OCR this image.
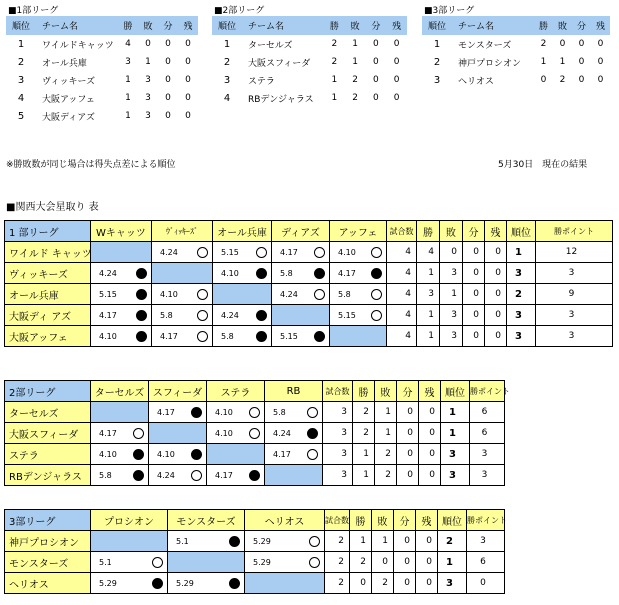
■1部リーグ
順位	チーム名	勝	敗	分	残
1	ワイルドキャッツ	4	0	0	0
2	オール兵庫	3	1	0	0
3	ヴィッキーズ	1	3	0	0
4	大阪アッフェ	1	3	0	0
5	大阪ディアズ	1	3	0	0
■2部リーグ
順位	チーム名	勝	敗	分	残
1	ターセルズ	2	1	0	0
2	大阪スフィーダ	2	1	0	0
3	ステラ	1	2	0	0
4	RBデンジャラス	1	2	0	0
■3部リーグ
順位	チーム名	勝	敗	分	残
1	モンスターズ	2	0	0	0
2	神戸プロシオン	1	1	0	0
3	ヘリオス	0	2	0	0
※勝敗数が同じ場合は得失点差による順位	5月30日　現在の結果
■関西大会星取り 表
1 部リーグ	Wキャッツ	ｳﾞｨｯｷｰｽﾞ	オール兵庫	ディアズ	アッフェ	試合数	勝	敗	分	残	順位	勝ポイント
ワイルド キャッツ		4.24	5.15	4.17	4.10	4	4	0	0	0	1	12
ヴィッキーズ	4.24		4.10	5.8	4.17	4	1	3	0	0	3	3
オール兵庫	5.15	4.10		4.24	5.8	4	3	1	0	0	2	9
大阪ディ アズ	4.17	5.8	4.24		5.15	4	1	3	0	0	3	3
大阪アッフェ	4.10	4.17	5.8	5.15		4	1	3	0	0	3	3
2部リーグ	ターセルズ	スフィーダ	ステラ	RB	試合数	勝	敗	分	残	順位	勝ポイント
ターセルズ		4.17	4.10	5.8	3	2	1	0	0	1	6
大阪スフィーダ	4.17		4.10	4.24	3	2	1	0	0	1	6
ステラ	4.10	4.10		4.17	3	1	2	0	0	3	3
RBデンジャラス	5.8	4.24	4.17		3	1	2	0	0	3	3
3部リーグ	プロシオン	モンスターズ	ヘリオス	試合数	勝	敗	分	残	順位	勝ポイント
神戸プロシオン		5.1	5.29	2	1	1	0	0	2	3
モンスターズ	5.1		5.29	2	2	0	0	0	1	6
ヘリオス	5.29	5.29		2	0	2	0	0	3	0
